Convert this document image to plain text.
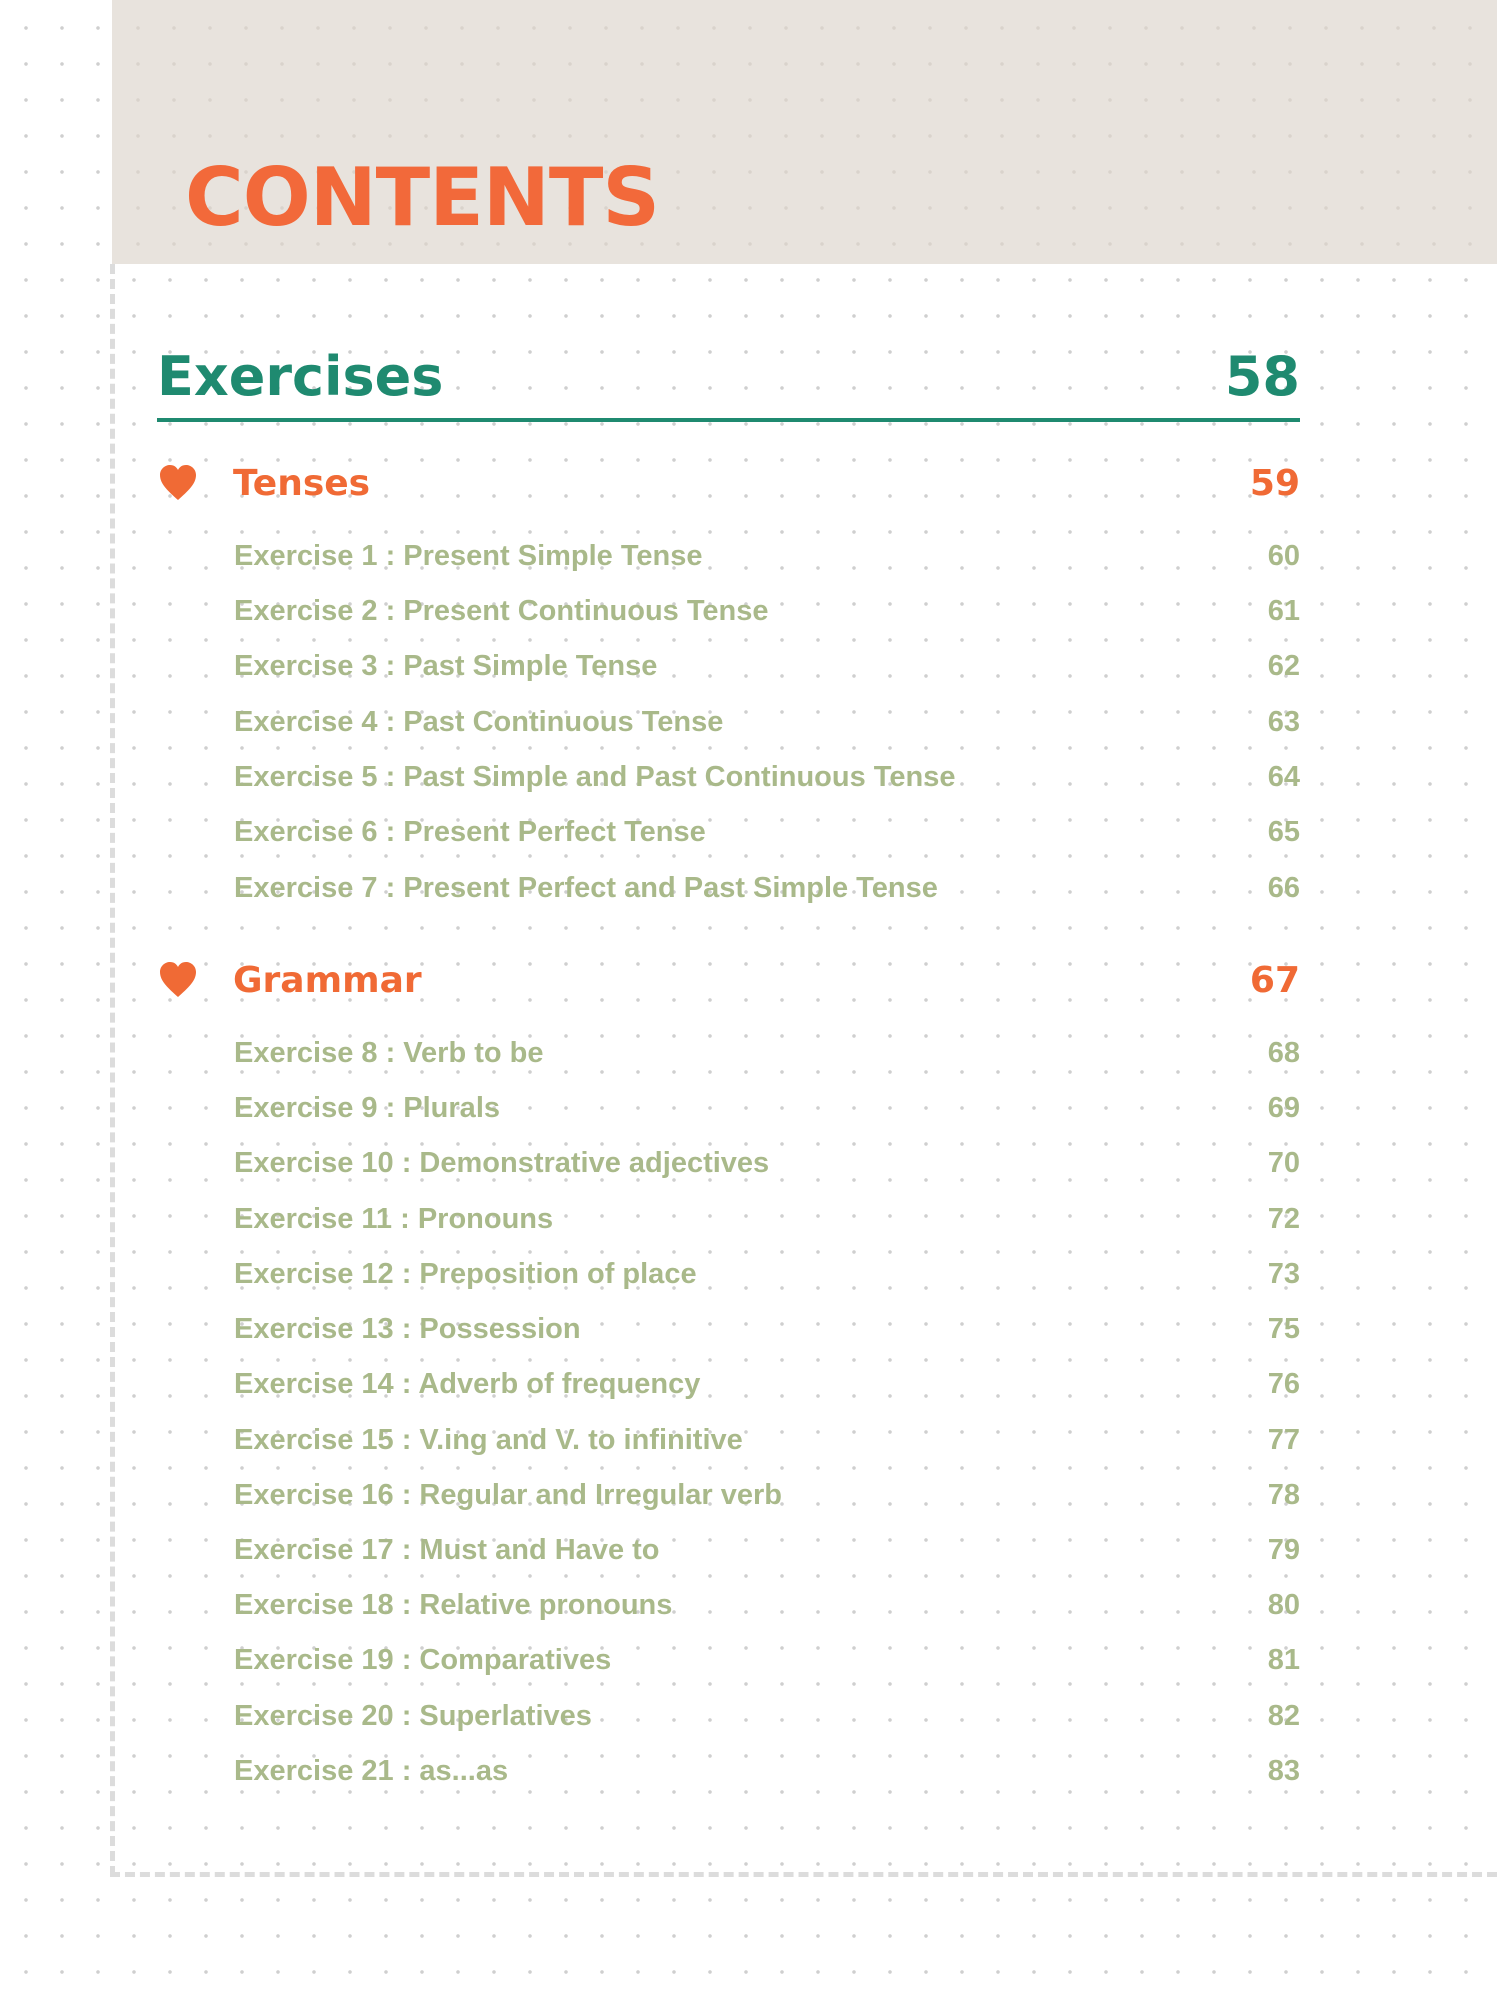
CONTENTS
Exercises	58
Tenses	59
Exercise 1 : Present Simple Tense	60
Exercise 2 : Present Continuous Tense	61
Exercise 3 : Past Simple Tense	62
Exercise 4 : Past Continuous Tense	63
Exercise 5 : Past Simple and Past Continuous Tense	64
Exercise 6 : Present Perfect Tense	65
Exercise 7 : Present Perfect and Past Simple Tense	66
Grammar	67
Exercise 8 : Verb to be	68
Exercise 9 : Plurals	69
Exercise 10 : Demonstrative adjectives	70
Exercise 11 : Pronouns	72
Exercise 12 : Preposition of place	73
Exercise 13 : Possession	75
Exercise 14 : Adverb of frequency	76
Exercise 15 : V.ing and V. to infinitive	77
Exercise 16 : Regular and Irregular verb	78
Exercise 17 : Must and Have to	79
Exercise 18 : Relative pronouns	80
Exercise 19 : Comparatives	81
Exercise 20 : Superlatives	82
Exercise 21 : as...as	83
